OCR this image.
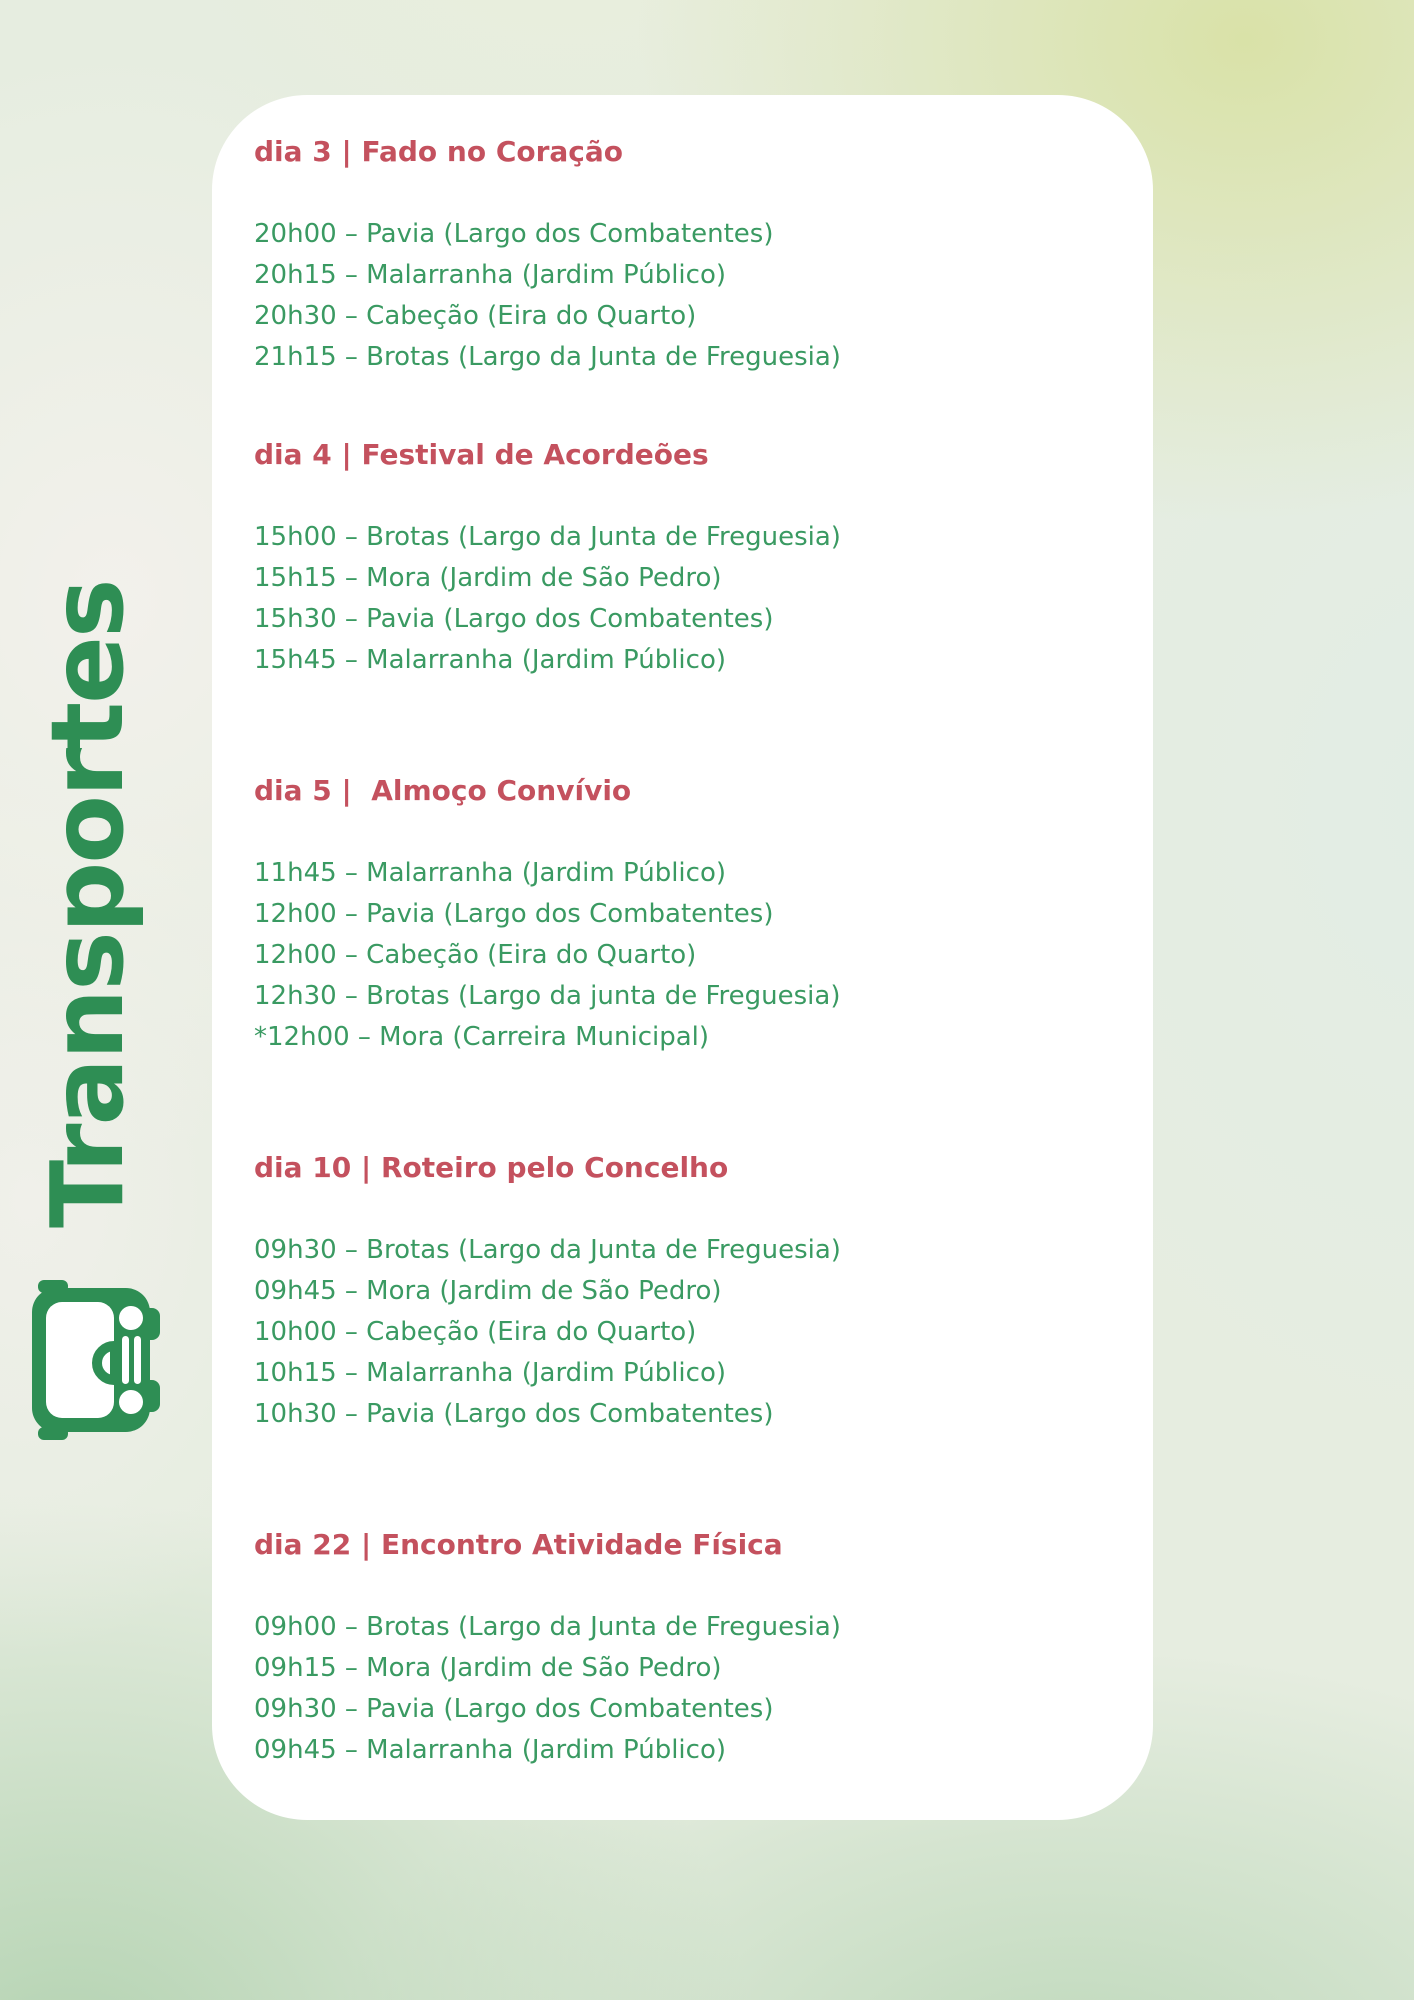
Transportes
dia 3 | Fado no Coração

20h00 – Pavia (Largo dos Combatentes)

20h15 – Malarranha (Jardim Público)

20h30 – Cabeção (Eira do Quarto)

21h15 – Brotas (Largo da Junta de Freguesia)

dia 4 | Festival de Acordeões

15h00 – Brotas (Largo da Junta de Freguesia)

15h15 – Mora (Jardim de São Pedro)

15h30 – Pavia (Largo dos Combatentes)

15h45 – Malarranha (Jardim Público)

dia 5 |  Almoço Convívio

11h45 – Malarranha (Jardim Público)

12h00 – Pavia (Largo dos Combatentes)

12h00 – Cabeção (Eira do Quarto)

12h30 – Brotas (Largo da junta de Freguesia)

*12h00 – Mora (Carreira Municipal)

dia 10 | Roteiro pelo Concelho

09h30 – Brotas (Largo da Junta de Freguesia)

09h45 – Mora (Jardim de São Pedro)

10h00 – Cabeção (Eira do Quarto)

10h15 – Malarranha (Jardim Público)

10h30 – Pavia (Largo dos Combatentes)

dia 22 | Encontro Atividade Física

09h00 – Brotas (Largo da Junta de Freguesia)

09h15 – Mora (Jardim de São Pedro)

09h30 – Pavia (Largo dos Combatentes)

09h45 – Malarranha (Jardim Público)
